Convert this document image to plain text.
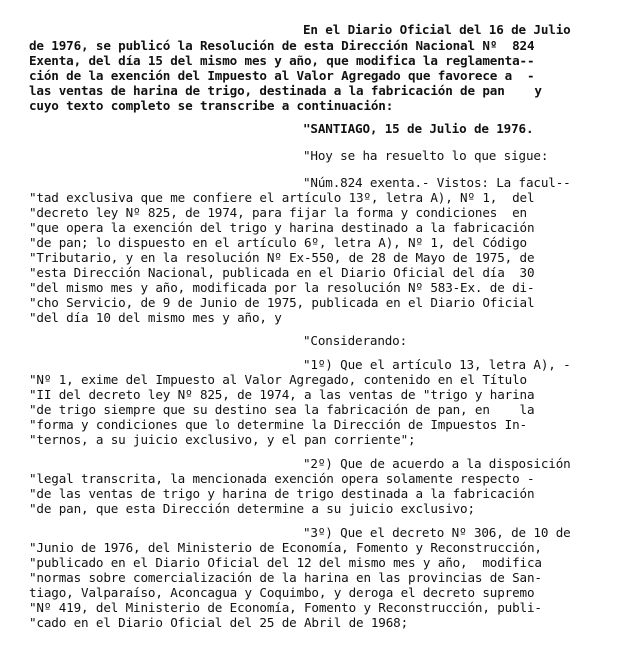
En el Diario Oficial del 16 de Julio
de 1976, se publicó la Resolución de esta Dirección Nacional Nº  824
Exenta, del día 15 del mismo mes y año, que modifica la reglamenta--
ción de la exención del Impuesto al Valor Agregado que favorece a  -
las ventas de harina de trigo, destinada a la fabricación de pan    y
cuyo texto completo se transcribe a continuación:
"SANTIAGO, 15 de Julio de 1976.
"Hoy se ha resuelto lo que sigue:
"Núm.824 exenta.- Vistos: La facul--
"tad exclusiva que me confiere el artículo 13º, letra A), Nº 1,  del
"decreto ley Nº 825, de 1974, para fijar la forma y condiciones  en
"que opera la exención del trigo y harina destinado a la fabricación
"de pan; lo dispuesto en el artículo 6º, letra A), Nº 1, del Código
"Tributario, y en la resolución Nº Ex-550, de 28 de Mayo de 1975, de
"esta Dirección Nacional, publicada en el Diario Oficial del día  30
"del mismo mes y año, modificada por la resolución Nº 583-Ex. de di-
"cho Servicio, de 9 de Junio de 1975, publicada en el Diario Oficial
"del día 10 del mismo mes y año, y
"Considerando:
"1º) Que el artículo 13, letra A), -
"Nº 1, exime del Impuesto al Valor Agregado, contenido en el Título
"II del decreto ley Nº 825, de 1974, a las ventas de "trigo y harina
"de trigo siempre que su destino sea la fabricación de pan, en    la
"forma y condiciones que lo determine la Dirección de Impuestos In-
"ternos, a su juicio exclusivo, y el pan corriente";
"2º) Que de acuerdo a la disposición
"legal transcrita, la mencionada exención opera solamente respecto -
"de las ventas de trigo y harina de trigo destinada a la fabricación
"de pan, que esta Dirección determine a su juicio exclusivo;
"3º) Que el decreto Nº 306, de 10 de
"Junio de 1976, del Ministerio de Economía, Fomento y Reconstrucción,
"publicado en el Diario Oficial del 12 del mismo mes y año,  modifica
"normas sobre comercialización de la harina en las provincias de San-
tiago, Valparaíso, Aconcagua y Coquimbo, y deroga el decreto supremo
"Nº 419, del Ministerio de Economía, Fomento y Reconstrucción, publi-
"cado en el Diario Oficial del 25 de Abril de 1968;
